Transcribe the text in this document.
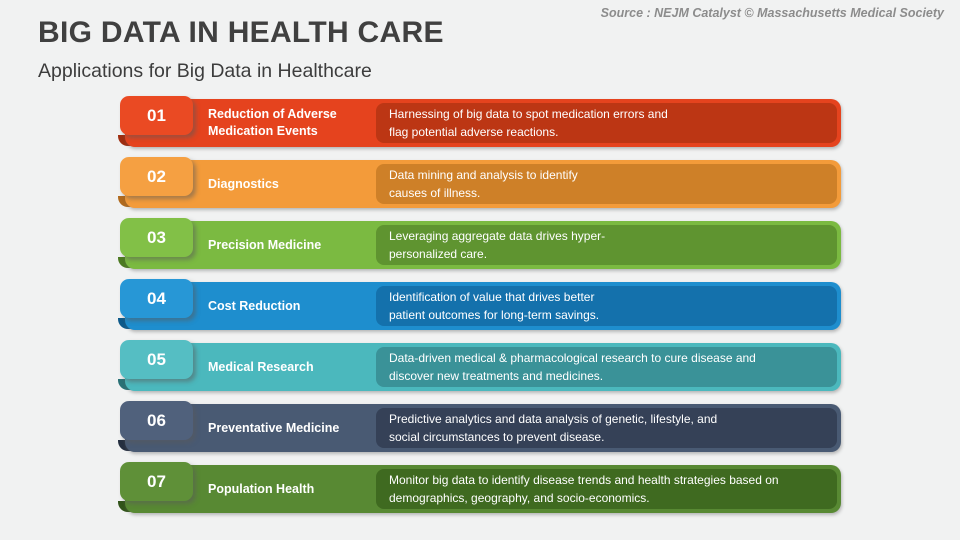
Source : NEJM Catalyst © Massachusetts Medical Society
BIG DATA IN HEALTH CARE
Applications for Big Data in Healthcare
Reduction of Adverse Medication Events
Harnessing of big data to spot medication errors and
flag potential adverse reactions.
01
Diagnostics
Data mining and analysis to identify
causes of illness.
02
Precision Medicine
Leveraging aggregate data drives hyper-
personalized care.
03
Cost Reduction
Identification of value that drives better
patient outcomes for long-term savings.
04
Medical Research
Data-driven medical & pharmacological research to cure disease and
discover new treatments and medicines.
05
Preventative Medicine
Predictive analytics and data analysis of genetic, lifestyle, and
social circumstances to prevent disease.
06
Population Health
Monitor big data to identify disease trends and health strategies based on
demographics, geography, and socio-economics.
07
